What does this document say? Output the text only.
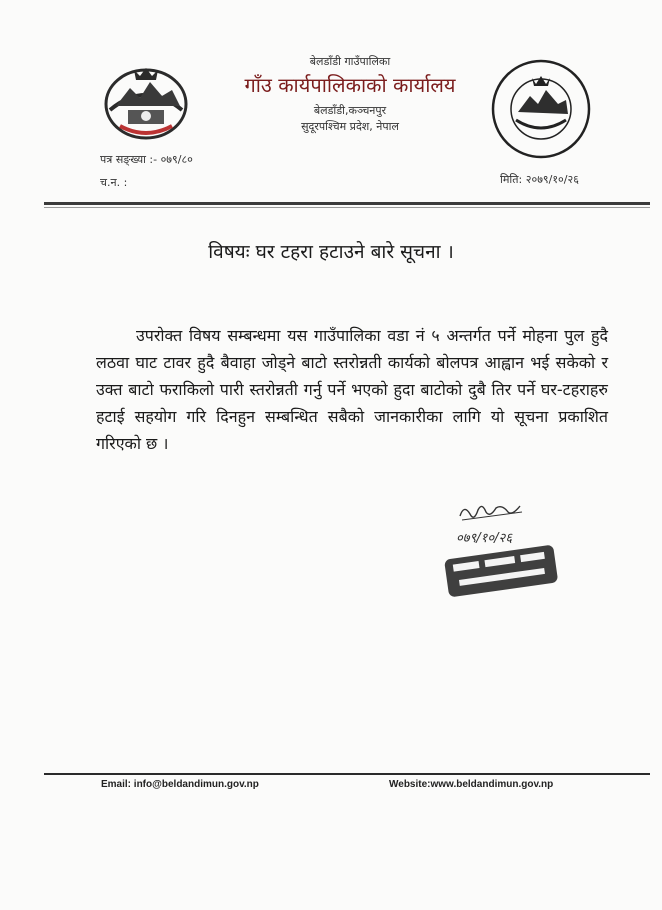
बेलडाँडी गाउँपालिका
गाँउ कार्यपालिकाको कार्यालय
बेलडाँडी,कञ्चनपुर
सुदूरपश्चिम प्रदेश, नेपाल
पत्र सङ्ख्या :- ०७९/८०
च.न. :	मिति: २०७९/१०/२६
विषयः घर टहरा हटाउने बारे सूचना ।
उपरोक्त विषय सम्बन्धमा यस गाउँपालिका वडा नं ५ अन्तर्गत पर्ने मोहना पुल हुदै लठवा घाट टावर हुदै बैवाहा जोड्ने बाटो स्तरोन्नती कार्यको बोलपत्र आह्वान भई सकेको र उक्त बाटो फराकिलो पारी स्तरोन्नती गर्नु पर्ने भएको हुदा बाटोको दुबै तिर पर्ने घर-टहराहरु हटाई सहयोग गरि दिनहुन सम्बन्धित सबैको जानकारीका लागि यो सूचना प्रकाशित गरिएको छ ।
०७९/१०/२६
Email: info@beldandimun.gov.np	Website:www.beldandimun.gov.np
